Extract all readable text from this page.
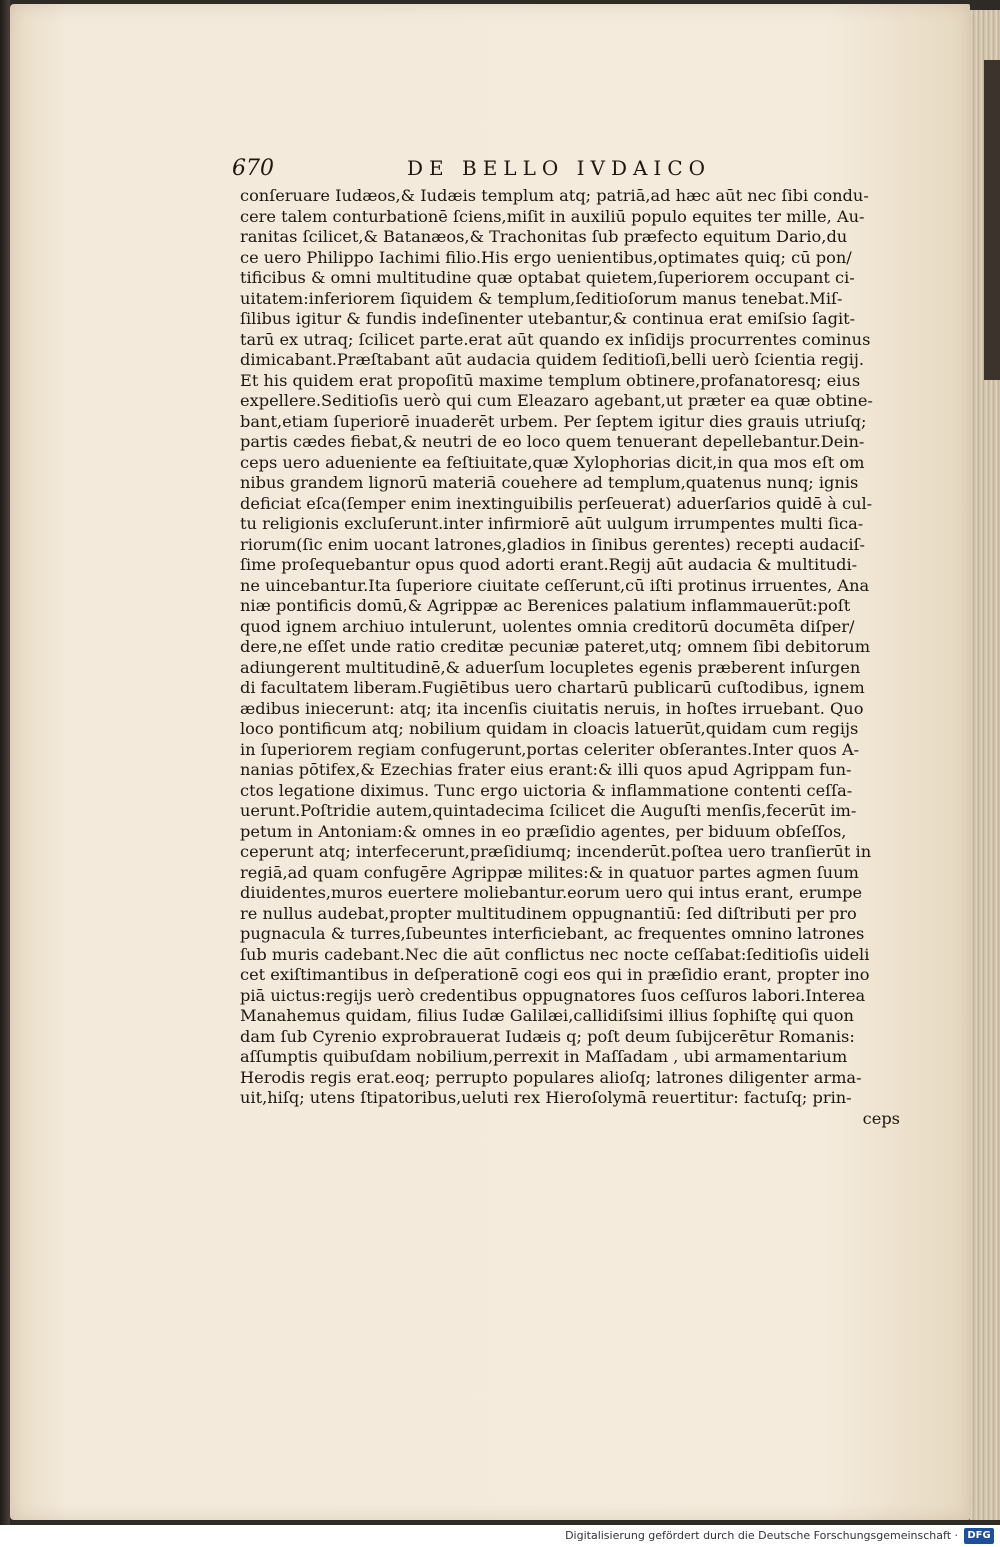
670	DE BELLO IVDAICO
conſeruare Iudæos,& Iudæis templum atq; patriā,ad hæc aūt nec ſibi condu-
cere talem conturbationē ſciens,miſit in auxiliū populo equites ter mille, Au-
ranitas ſcilicet,& Batanæos,& Trachonitas ſub præfecto equitum Dario,du
ce uero Philippo Iachimi filio.His ergo uenientibus,optimates quiq; cū pon/
tificibus & omni multitudine quæ optabat quietem,ſuperiorem occupant ci-
uitatem:inferiorem ſiquidem & templum,ſeditioſorum manus tenebat.Miſ-
ſilibus igitur & fundis indeſinenter utebantur,& continua erat emiſsio ſagit-
tarū ex utraq; ſcilicet parte.erat aūt quando ex inſidijs procurrentes cominus
dimicabant.Præſtabant aūt audacia quidem ſeditioſi,belli uerò ſcientia regij.
Et his quidem erat propoſitū maxime templum obtinere,profanatoresq; eius
expellere.Seditioſis uerò qui cum Eleazaro agebant,ut præter ea quæ obtine-
bant,etiam ſuperiorē inuaderēt urbem. Per ſeptem igitur dies grauis utriuſq;
partis cædes fiebat,& neutri de eo loco quem tenuerant depellebantur.Dein-
ceps uero adueniente ea feſtiuitate,quæ Xylophorias dicit,in qua mos eſt om
nibus grandem lignorū materiā couehere ad templum,quatenus nunq; ignis
deficiat eſca(ſemper enim inextinguibilis perſeuerat) aduerſarios quidē à cul-
tu religionis excluſerunt.inter infirmiorē aūt uulgum irrumpentes multi ſica-
riorum(ſic enim uocant latrones,gladios in ſinibus gerentes) recepti audaciſ-
ſime proſequebantur opus quod adorti erant.Regij aūt audacia & multitudi-
ne uincebantur.Ita ſuperiore ciuitate ceſſerunt,cū iſti protinus irruentes, Ana
niæ pontificis domū,& Agrippæ ac Berenices palatium inflammauerūt:poſt
quod ignem archiuo intulerunt, uolentes omnia creditorū documēta diſper/
dere,ne eſſet unde ratio creditæ pecuniæ pateret,utq; omnem ſibi debitorum
adiungerent multitudinē,& aduerſum locupletes egenis præberent inſurgen
di facultatem liberam.Fugiētibus uero chartarū publicarū cuſtodibus, ignem
ædibus iniecerunt: atq; ita incenſis ciuitatis neruis, in hoſtes irruebant. Quo
loco pontificum atq; nobilium quidam in cloacis latuerūt,quidam cum regijs
in ſuperiorem regiam confugerunt,portas celeriter obſerantes.Inter quos A-
nanias pōtifex,& Ezechias frater eius erant:& illi quos apud Agrippam fun-
ctos legatione diximus. Tunc ergo uictoria & inflammatione contenti ceſſa-
uerunt.Poſtridie autem,quintadecima ſcilicet die Auguſti menſis,fecerūt im-
petum in Antoniam:& omnes in eo præſidio agentes, per biduum obſeſſos,
ceperunt atq; interfecerunt,præſidiumq; incenderūt.poſtea uero tranſierūt in
regiā,ad quam confugēre Agrippæ milites:& in quatuor partes agmen ſuum
diuidentes,muros euertere moliebantur.eorum uero qui intus erant, erumpe
re nullus audebat,propter multitudinem oppugnantiū: ſed diſtributi per pro
pugnacula & turres,ſubeuntes interficiebant, ac frequentes omnino latrones
ſub muris cadebant.Nec die aūt conflictus nec nocte ceſſabat:ſeditioſis uideli
cet exiſtimantibus in deſperationē cogi eos qui in præſidio erant, propter ino
piā uictus:regijs uerò credentibus oppugnatores ſuos ceſſuros labori.Interea
Manahemus quidam, filius Iudæ Galilæi,callidiſsimi illius ſophiſtę qui quon
dam ſub Cyrenio exprobrauerat Iudæis q; poſt deum ſubijcerētur Romanis:
aſſumptis quibuſdam nobilium,perrexit in Maſſadam , ubi armamentarium
Herodis regis erat.eoq; perrupto populares alioſq; latrones diligenter arma-
uit,hiſq; utens ſtipatoribus,ueluti rex Hieroſolymā reuertitur: factuſq; prin-
ceps
Digitalisierung gefördert durch die Deutsche Forschungsgemeinschaft · DFG
